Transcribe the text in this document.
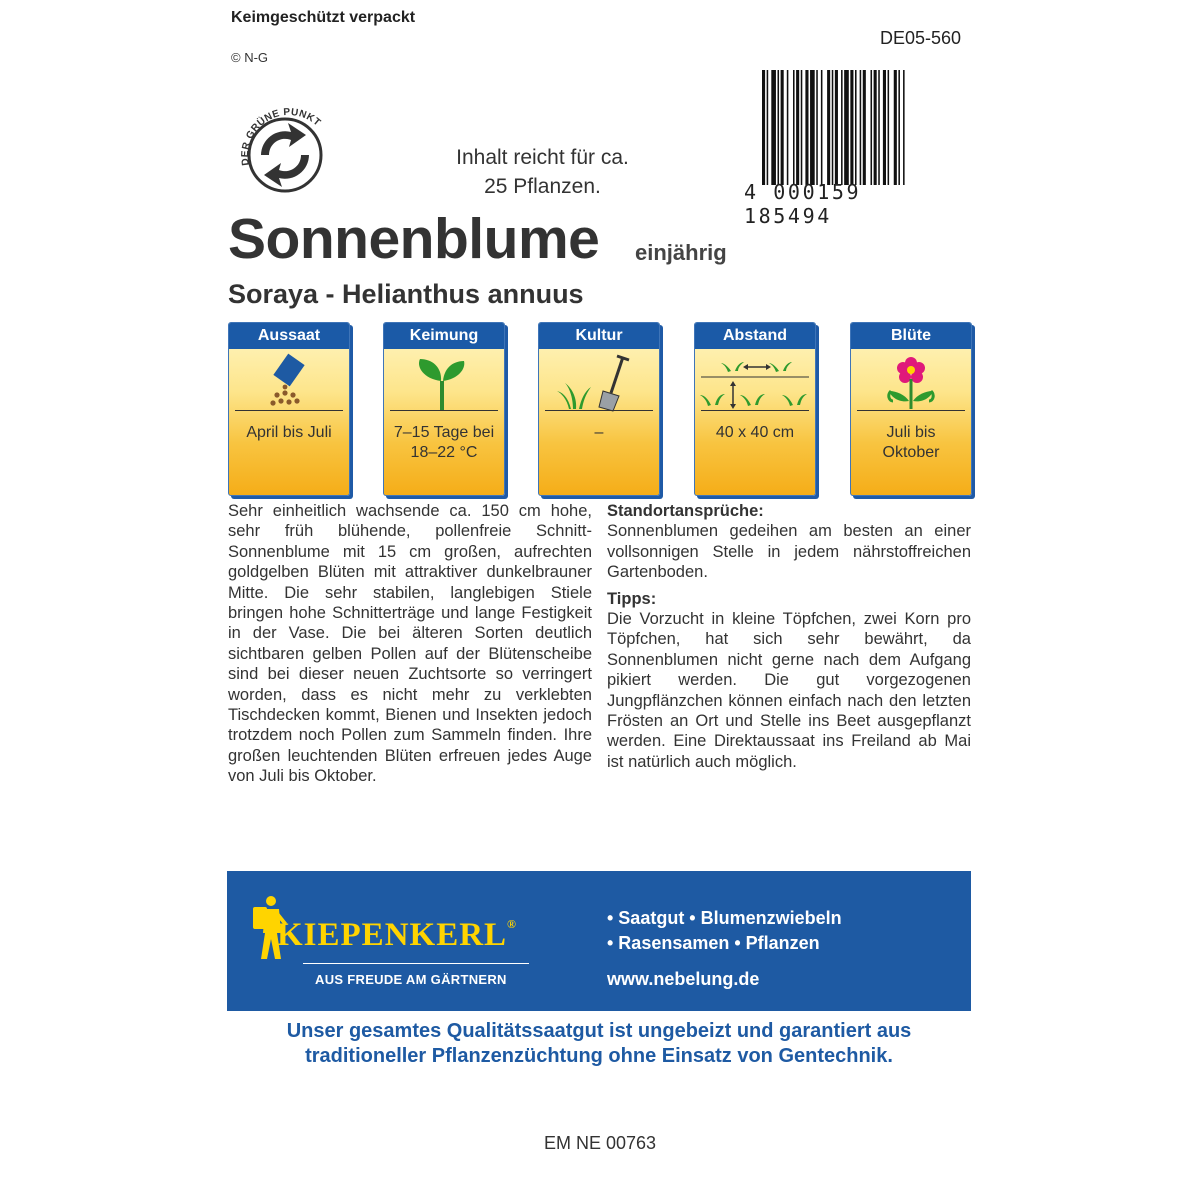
Keimgeschützt verpackt
© N-G
DE05-560
4 000159 185494
DER GRÜNE PUNKT
Inhalt reicht für ca.
25 Pflanzen.
Sonnenblume einjährig
Soraya - Helianthus annuus
Aussaat
April bis Juli
Keimung
7–15 Tage bei
18–22 °C
Kultur
–
Abstand
40 x 40 cm
Blüte
Juli bis
Oktober
Sehr einheitlich wachsende ca. 150 cm hohe, sehr früh blühende, pollenfreie Schnitt-Sonnenblume mit 15 cm großen, aufrechten goldgelben Blüten mit attraktiver dunkelbrauner Mitte. Die sehr stabilen, langlebigen Stiele bringen hohe Schnitterträge und lange Festigkeit in der Vase. Die bei älteren Sorten deutlich sichtbaren gelben Pollen auf der Blütenscheibe sind bei dieser neuen Zuchtsorte so verringert worden, dass es nicht mehr zu verklebten Tischdecken kommt, Bienen und Insekten jedoch trotzdem noch Pollen zum Sammeln finden. Ihre großen leuchtenden Blüten erfreuen jedes Auge von Juli bis Oktober.
Standortansprüche:
Sonnenblumen gedeihen am besten an einer vollsonnigen Stelle in jedem nährstoffreichen Gartenboden.
Tipps:
Die Vorzucht in kleine Töpfchen, zwei Korn pro Töpfchen, hat sich sehr bewährt, da Sonnenblumen nicht gerne nach dem Aufgang pikiert werden. Die gut vorgezogenen Jungpflänzchen können einfach nach den letzten Frösten an Ort und Stelle ins Beet ausgepflanzt werden. Eine Direktaussaat ins Freiland ab Mai ist natürlich auch möglich.
KIEPENKERL®
AUS FREUDE AM GÄRTNERN
• Saatgut • Blumenzwiebeln
• Rasensamen • Pflanzen
www.nebelung.de
Unser gesamtes Qualitätssaatgut ist ungebeizt und garantiert aus
traditioneller Pflanzenzüchtung ohne Einsatz von Gentechnik.
EM NE 00763
